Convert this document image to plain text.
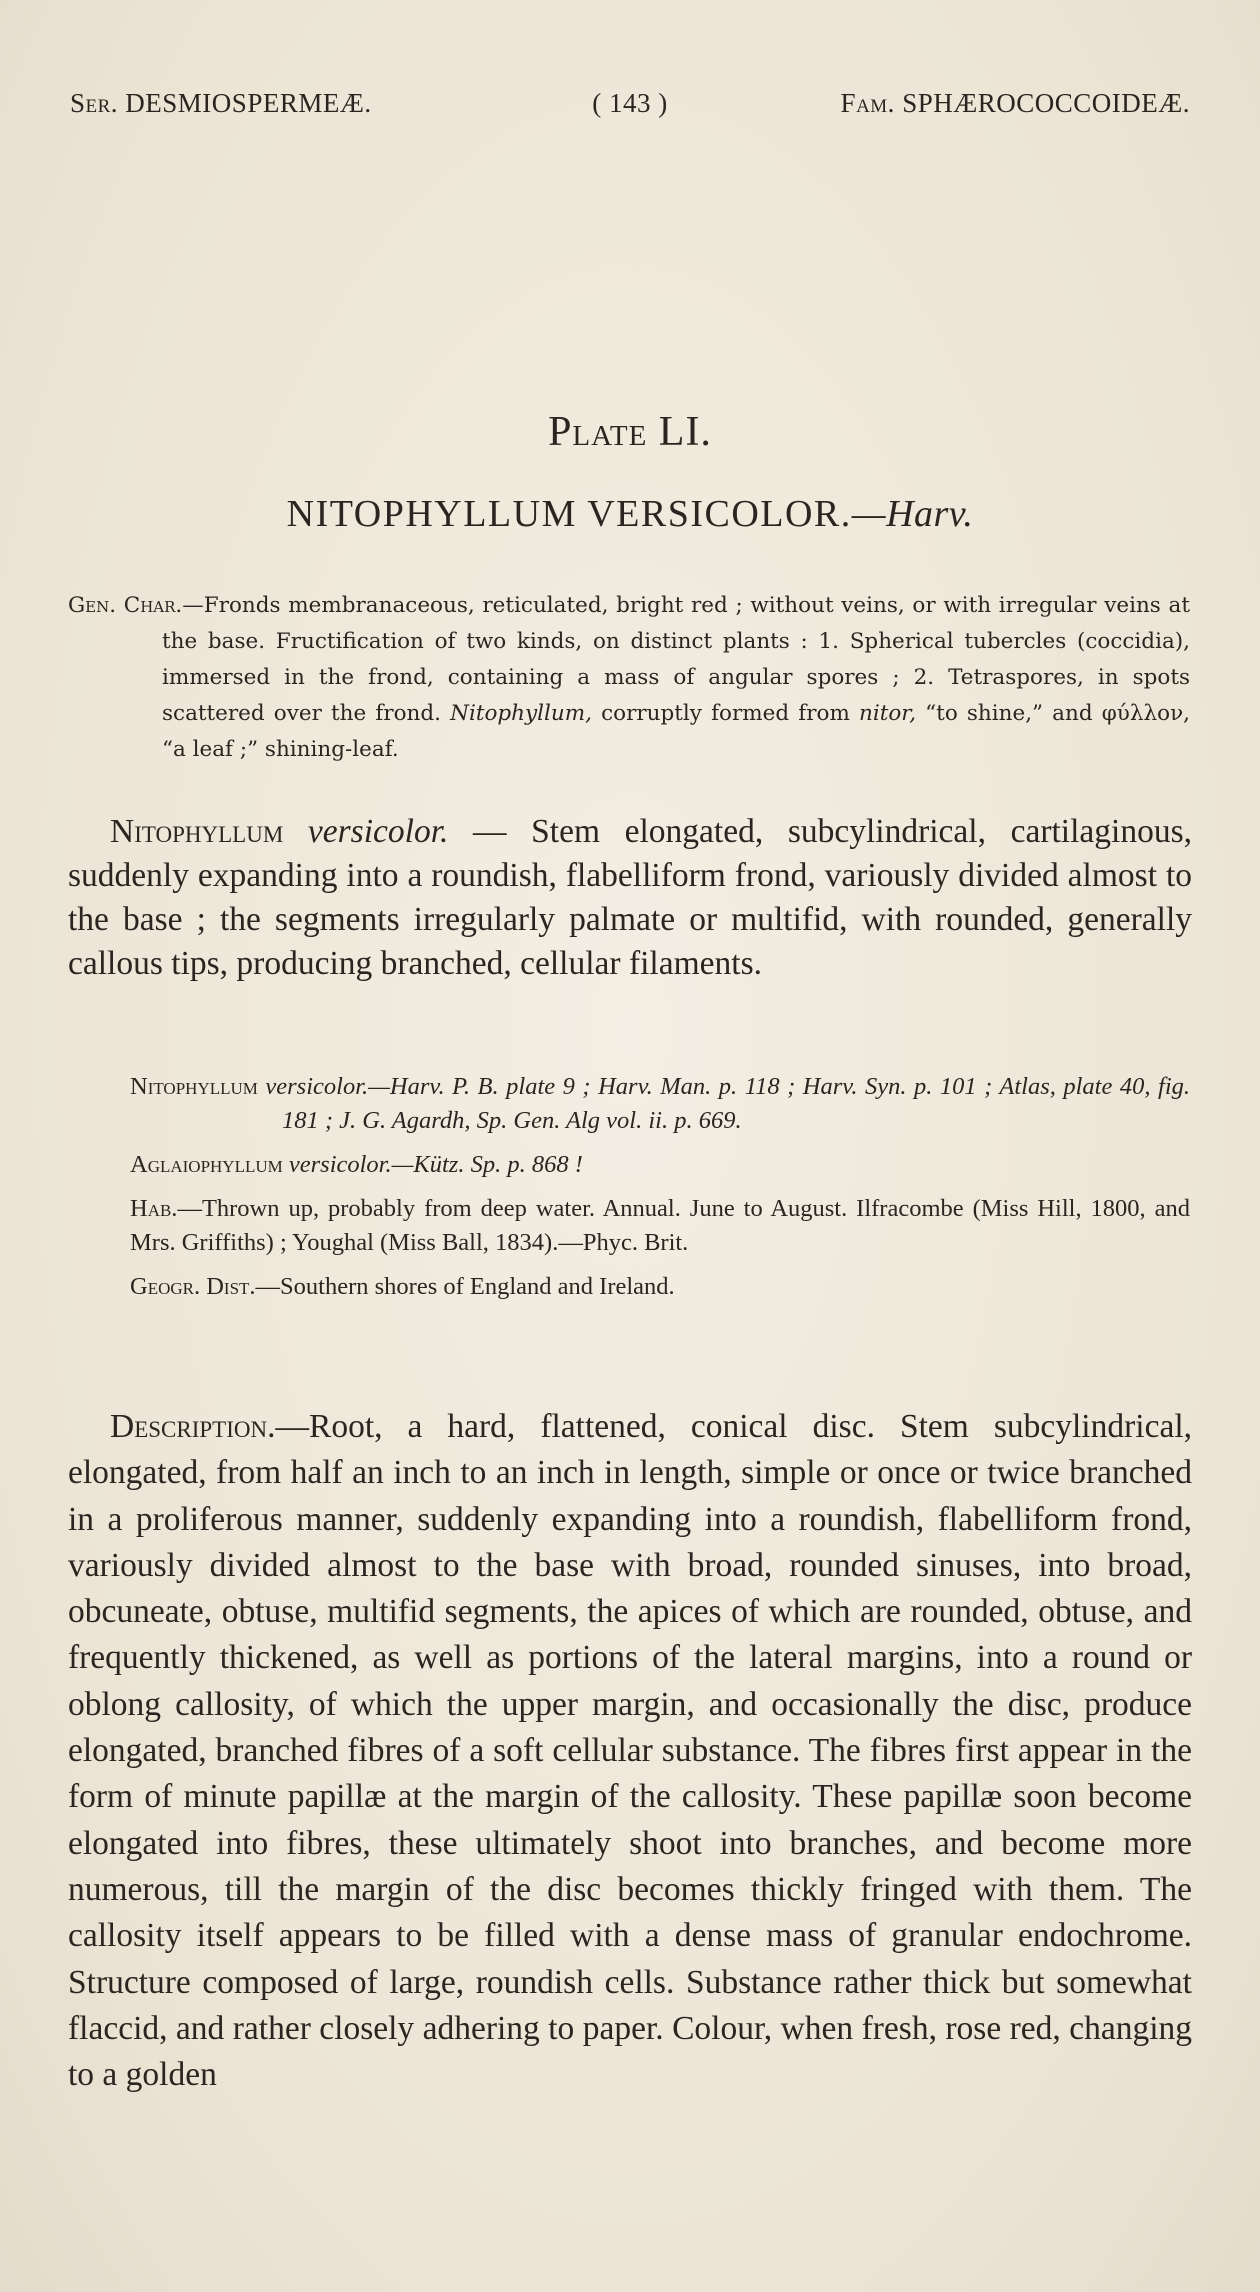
Ser. DESMIOSPERMEÆ.	( 143 )	Fam. SPHÆROCOCCOIDEÆ.
Plate LI.
NITOPHYLLUM VERSICOLOR.—Harv.
Gen. Char.—Fronds membranaceous, reticulated, bright red ; without veins, or with irregular veins at the base. Fructification of two kinds, on distinct plants : 1. Spherical tubercles (coccidia), immersed in the frond, containing a mass of angular spores ; 2. Tetraspores, in spots scattered over the frond. Nitophyllum, corruptly formed from nitor, “to shine,” and φύλλον, “a leaf ;” shining-leaf.
Nitophyllum versicolor. — Stem elongated, subcylindrical, cartilaginous, suddenly expanding into a roundish, flabelliform frond, variously divided almost to the base ; the segments irregularly palmate or multifid, with rounded, generally callous tips, producing branched, cellular filaments.
Nitophyllum versicolor.—Harv. P. B. plate 9 ; Harv. Man. p. 118 ; Harv. Syn. p. 101 ; Atlas, plate 40, fig. 181 ; J. G. Agardh, Sp. Gen. Alg vol. ii. p. 669.
Aglaiophyllum versicolor.—Kütz. Sp. p. 868 !
Hab.—Thrown up, probably from deep water. Annual. June to August. Ilfracombe (Miss Hill, 1800, and Mrs. Griffiths) ; Youghal (Miss Ball, 1834).—Phyc. Brit.
Geogr. Dist.—Southern shores of England and Ireland.
Description.—Root, a hard, flattened, conical disc. Stem subcylindrical, elongated, from half an inch to an inch in length, simple or once or twice branched in a proliferous manner, suddenly expanding into a roundish, flabelliform frond, variously divided almost to the base with broad, rounded sinuses, into broad, obcuneate, obtuse, multifid segments, the apices of which are rounded, obtuse, and frequently thickened, as well as portions of the lateral margins, into a round or oblong callosity, of which the upper margin, and occasionally the disc, produce elongated, branched fibres of a soft cellular substance. The fibres first appear in the form of minute papillæ at the margin of the callosity. These papillæ soon become elongated into fibres, these ultimately shoot into branches, and become more numerous, till the margin of the disc becomes thickly fringed with them. The callosity itself appears to be filled with a dense mass of granular endochrome. Structure composed of large, roundish cells. Substance rather thick but somewhat flaccid, and rather closely adhering to paper. Colour, when fresh, rose red, changing to a golden
